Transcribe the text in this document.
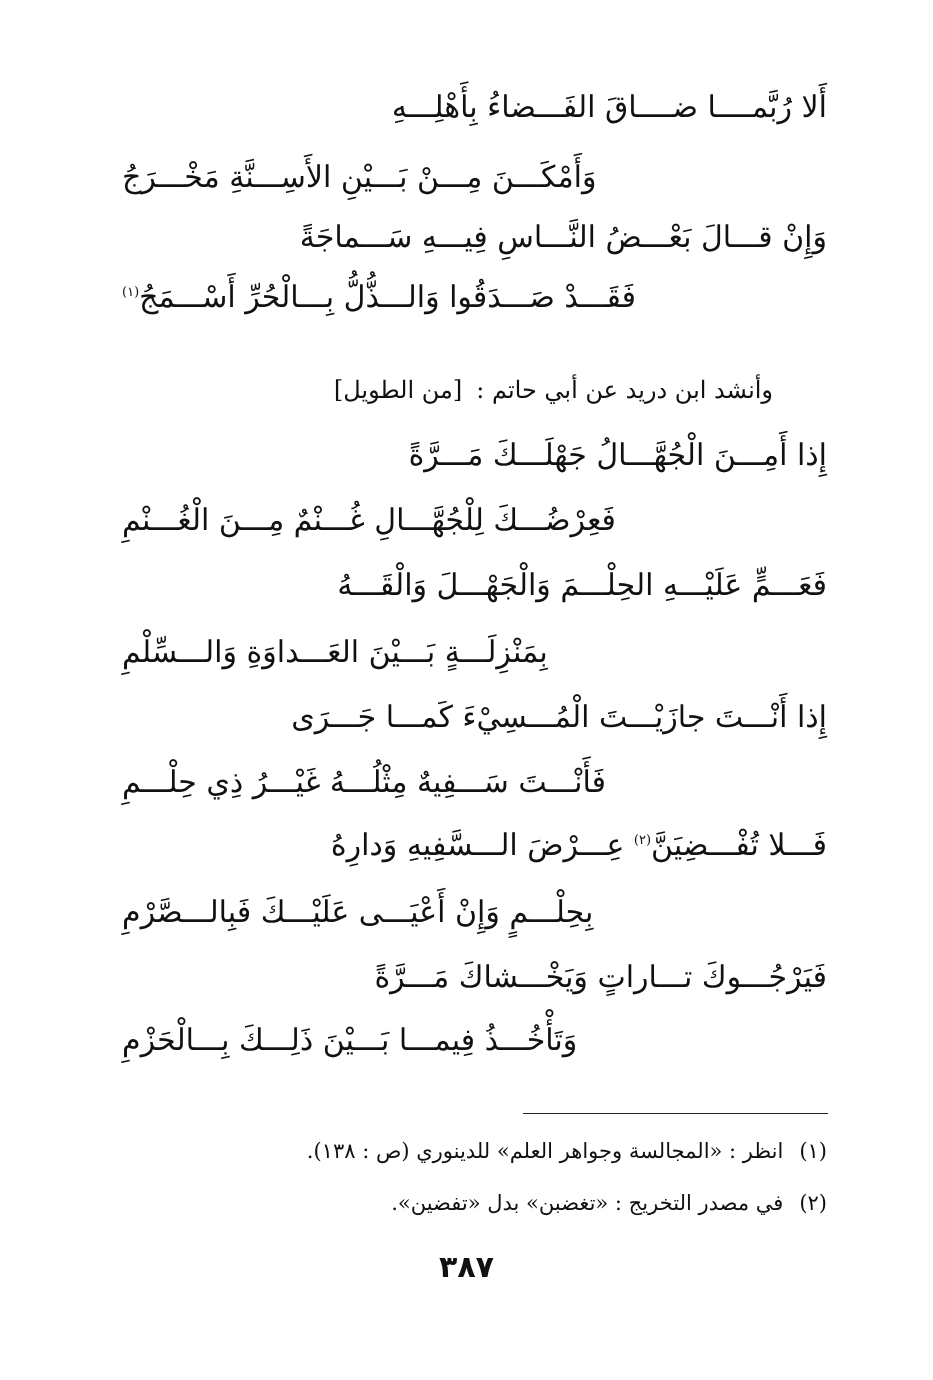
أَلا رُبَّمــــا ضــــاقَ الفَـــضاءُ بِأَهْلِـــهِ
وَأَمْكَـــنَ مِـــنْ بَـــيْنِ الأَسِـــنَّةِ مَخْـــرَجُ
وَإِنْ قـــالَ بَعْـــضُ النَّـــاسِ فِيـــهِ سَـــماجَةً
فَقَـــدْ صَـــدَقُوا وَالـــذُّلُّ بِـــالْحُرِّ أَسْـــمَجُ$^{(١)}$
وأنشد ابن دريد عن أبي حاتم :[من الطويل]
إِذا أَمِـــنَ الْجُهَّـــالُ جَهْلَـــكَ مَـــرَّةً
فَعِرْضُـــكَ لِلْجُهَّـــالِ غُـــنْمٌ مِـــنَ الْغُـــنْمِ
فَعَـــمٍّ عَلَيْـــهِ الحِلْـــمَ وَالْجَهْـــلَ وَالْقَـــهُ
بِمَنْزِلَـــةٍ بَـــيْنَ العَـــداوَةِ وَالـــسِّلْمِ
إِذا أَنْـــتَ جازَيْـــتَ الْمُـــسِيْءَ كَمـــا جَـــرَى
فَأَنْـــتَ سَـــفِيهٌ مِثْلُـــهُ غَيْـــرُ ذِي حِلْـــمِ
فَـــلا تُفْـــضِيَنَّ$^{(٢)}$ عِـــرْضَ الـــسَّفِيهِ وَدارِهُ
بِحِلْـــمٍ وَإِنْ أَعْيَـــى عَلَيْـــكَ فَبِالـــصَّرْمِ
فَيَرْجُـــوكَ تـــاراتٍ وَيَخْـــشاكَ مَـــرَّةً
وَتَأْخُـــذُ فِيمـــا بَـــيْنَ ذَلِـــكَ بِـــالْحَزْمِ
(١)انظر : «المجالسة وجواهر العلم» للدينوري (ص : ١٣٨).
(٢)في مصدر التخريج : «تغضبن» بدل «تفضين».
٣٨٧
